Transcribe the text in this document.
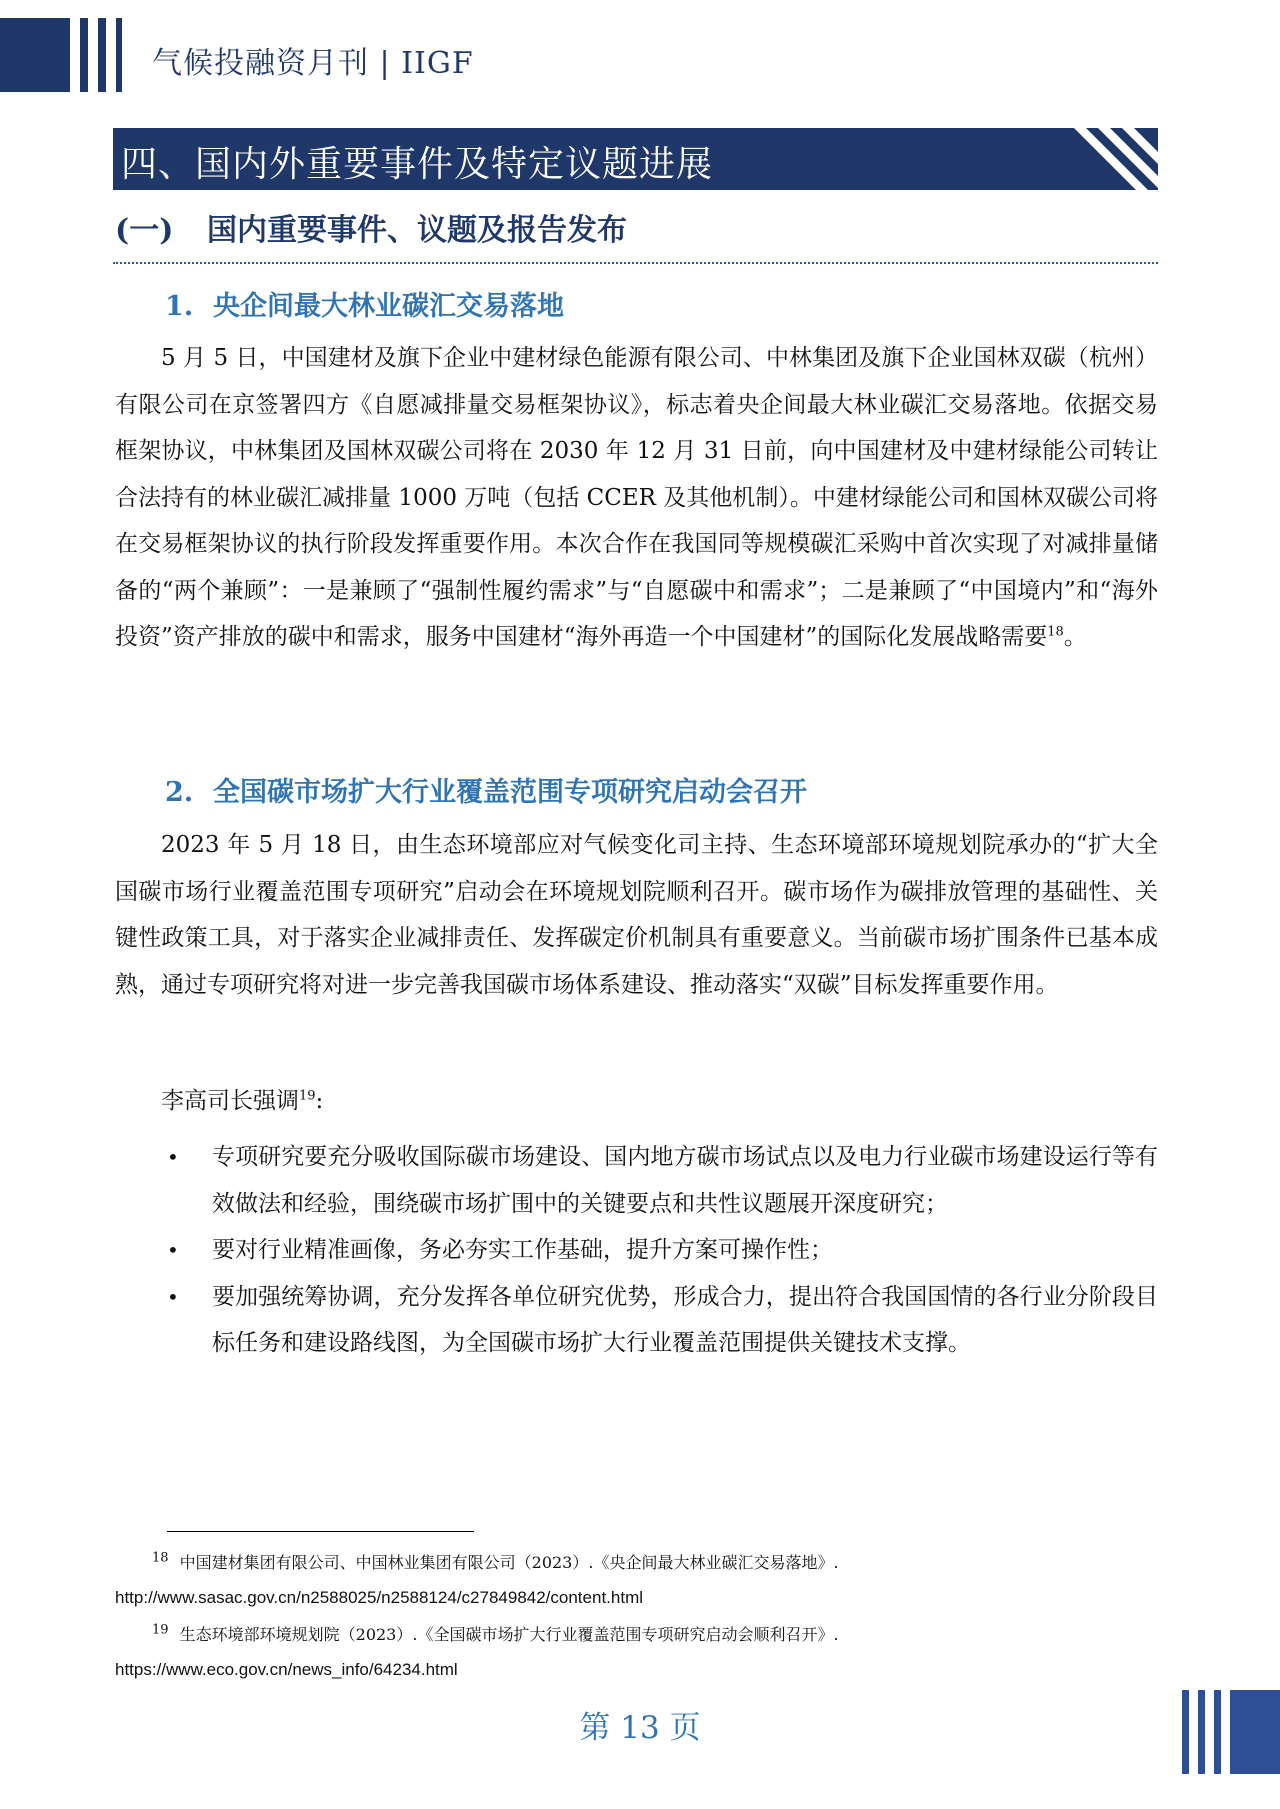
气候投融资月刊 | IIGF
四、国内外重要事件及特定议题进展
(一) 国内重要事件、议题及报告发布
1. 央企间最大林业碳汇交易落地

5 月 5 日，中国建材及旗下企业中建材绿色能源有限公司、中林集团及旗下企业国林双碳（杭州）有限公司在京签署四方《自愿减排量交易框架协议》，标志着央企间最大林业碳汇交易落地。依据交易框架协议，中林集团及国林双碳公司将在 2030 年 12 月 31 日前，向中国建材及中建材绿能公司转让合法持有的林业碳汇减排量 1000 万吨（包括 CCER 及其他机制）。中建材绿能公司和国林双碳公司将在交易框架协议的执行阶段发挥重要作用。本次合作在我国同等规模碳汇采购中首次实现了对减排量储备的“两个兼顾”：一是兼顾了“强制性履约需求”与“自愿碳中和需求”；二是兼顾了“中国境内”和“海外投资”资产排放的碳中和需求，服务中国建材“海外再造一个中国建材”的国际化发展战略需要$^{18}$。

2. 全国碳市场扩大行业覆盖范围专项研究启动会召开

2023 年 5 月 18 日，由生态环境部应对气候变化司主持、生态环境部环境规划院承办的“扩大全国碳市场行业覆盖范围专项研究”启动会在环境规划院顺利召开。碳市场作为碳排放管理的基础性、关键性政策工具，对于落实企业减排责任、发挥碳定价机制具有重要意义。当前碳市场扩围条件已基本成熟，通过专项研究将对进一步完善我国碳市场体系建设、推动落实“双碳”目标发挥重要作用。

李高司长强调$^{19}$:

• 专项研究要充分吸收国际碳市场建设、国内地方碳市场试点以及电力行业碳市场建设运行等有效做法和经验，围绕碳市场扩围中的关键要点和共性议题展开深度研究；
• 要对行业精准画像，务必夯实工作基础，提升方案可操作性；
• 要加强统筹协调，充分发挥各单位研究优势，形成合力，提出符合我国国情的各行业分阶段目标任务和建设路线图，为全国碳市场扩大行业覆盖范围提供关键技术支撑。
$^{18}$ 中国建材集团有限公司、中国林业集团有限公司（2023）.《央企间最大林业碳汇交易落地》.
http://www.sasac.gov.cn/n2588025/n2588124/c27849842/content.html
$^{19}$ 生态环境部环境规划院（2023）.《全国碳市场扩大行业覆盖范围专项研究启动会顺利召开》.
https://www.eco.gov.cn/news_info/64234.html
第 13 页
